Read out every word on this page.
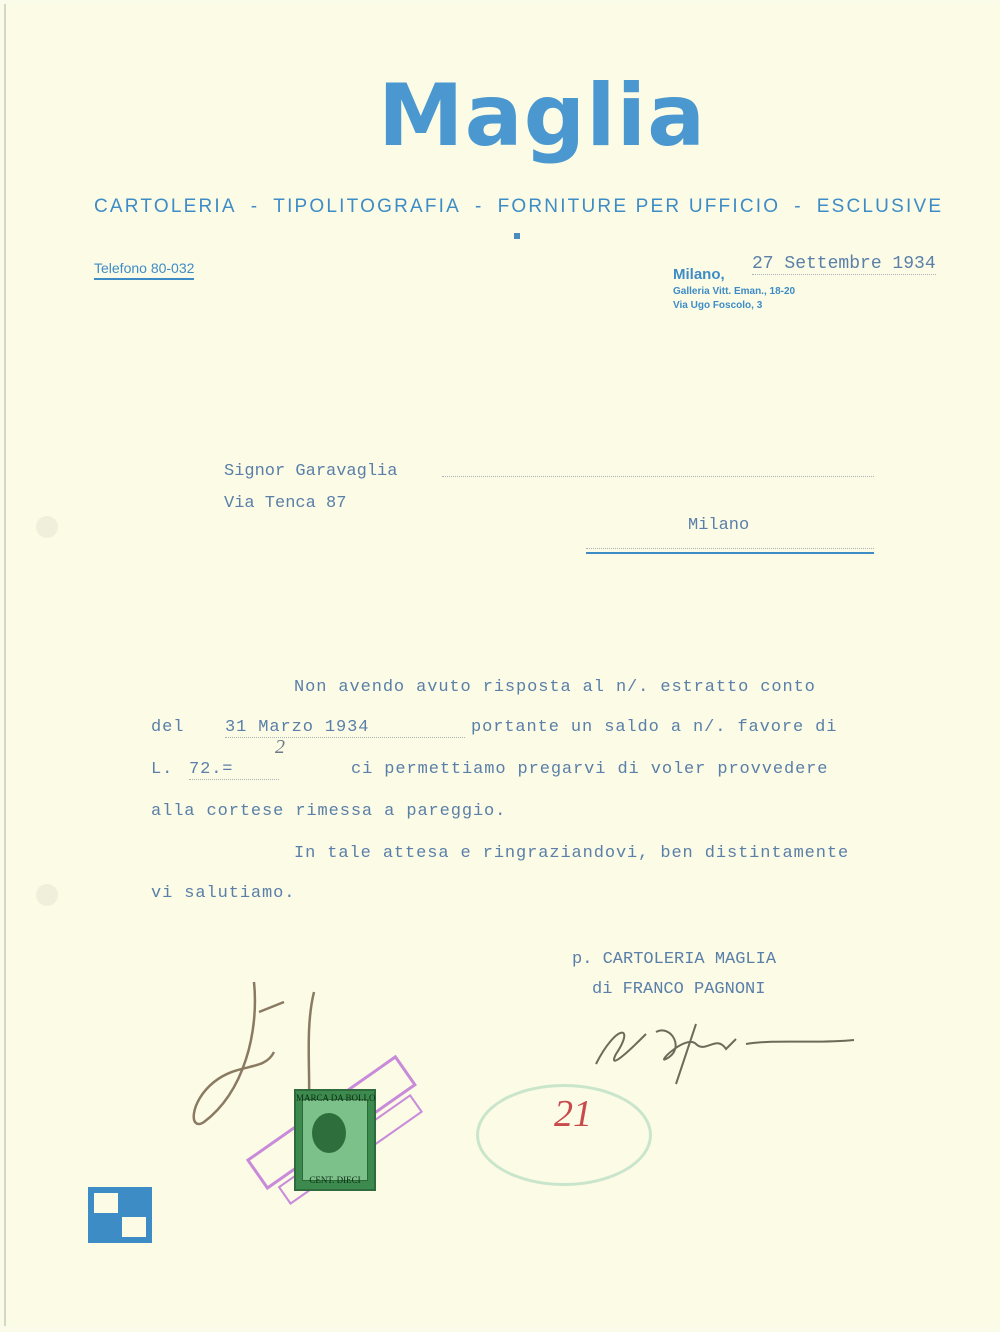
Maglia
CARTOLERIA - TIPOLITOGRAFIA - FORNITURE PER UFFICIO - ESCLUSIVE
Telefono 80-032	Milano,
27 Settembre 1934
Galleria Vitt. Eman., 18-20
Via Ugo Foscolo, 3
Signor Garavaglia
Via Tenca 87
Milano
Non avendo avuto risposta al n/. estratto conto
del 31 Marzo 1934	portante un saldo a n/. favore di
L. 72.=
2
ci permettiamo pregarvi di voler provvedere
alla cortese rimessa a pareggio.
In tale attesa e ringraziandovi, ben distintamente
vi salutiamo.
p. CARTOLERIA MAGLIA
di FRANCO PAGNONI
MARCA DA BOLLO
CENT. DIECI
21
